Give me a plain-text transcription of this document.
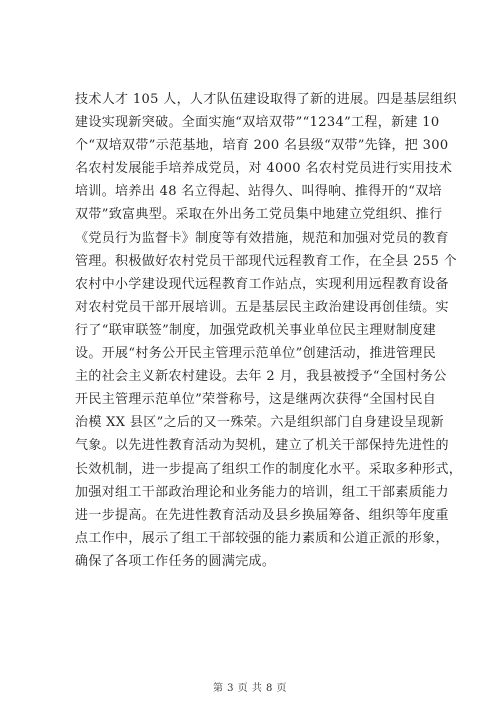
技术人才 105 人，人才队伍建设取得了新的进展。四是基层组织
建设实现新突破。全面实施“双培双带”“1234”工程，新建 10
个“双培双带”示范基地，培育 200 名县级“双带”先锋，把 300
名农村发展能手培养成党员，对 4000 名农村党员进行实用技术
培训。培养出 48 名立得起、站得久、叫得响、推得开的“双培
双带”致富典型。采取在外出务工党员集中地建立党组织、推行
《党员行为监督卡》制度等有效措施，规范和加强对党员的教育
管理。积极做好农村党员干部现代远程教育工作，在全县 255 个
农村中小学建设现代远程教育工作站点，实现利用远程教育设备
对农村党员干部开展培训。五是基层民主政治建设再创佳绩。实
行了“联审联签”制度，加强党政机关事业单位民主理财制度建
设。开展“村务公开民主管理示范单位”创建活动，推进管理民
主的社会主义新农村建设。去年 2 月，我县被授予“全国村务公
开民主管理示范单位”荣誉称号，这是继两次获得“全国村民自
治模 XX 县区”之后的又一殊荣。六是组织部门自身建设呈现新
气象。以先进性教育活动为契机，建立了机关干部保持先进性的
长效机制，进一步提高了组织工作的制度化水平。采取多种形式，
加强对组工干部政治理论和业务能力的培训，组工干部素质能力
进一步提高。在先进性教育活动及县乡换届筹备、组织等年度重
点工作中，展示了组工干部较强的能力素质和公道正派的形象，
确保了各项工作任务的圆满完成。
第 3 页 共 8 页
